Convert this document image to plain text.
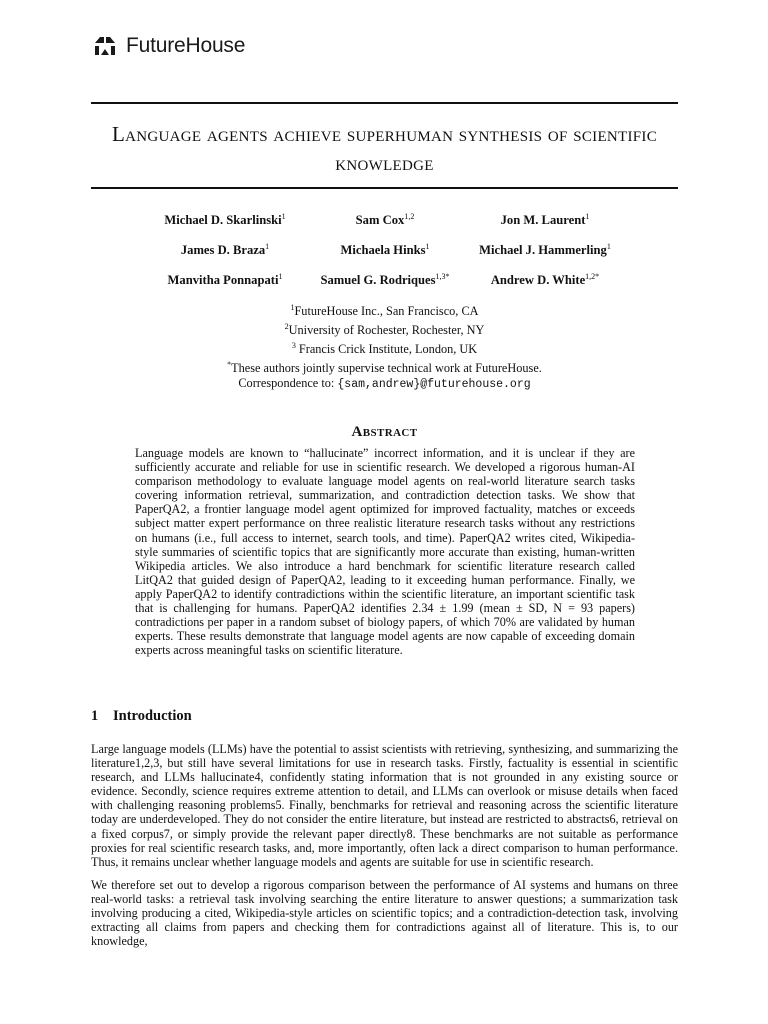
FutureHouse
Language agents achieve superhuman synthesis of scientific knowledge
Michael D. Skarlinski$^1$	Sam Cox$^{1,2}$	Jon M. Laurent$^1$
James D. Braza$^1$	Michaela Hinks$^1$	Michael J. Hammerling$^1$
Manvitha Ponnapati$^1$	Samuel G. Rodriques$^{1,3*}$	Andrew D. White$^{1,2*}$
$^1$FutureHouse Inc., San Francisco, CA
$^2$University of Rochester, Rochester, NY
$^3$ Francis Crick Institute, London, UK
*These authors jointly supervise technical work at FutureHouse.
Correspondence to: {sam,andrew}@futurehouse.org
Abstract
Language models are known to “hallucinate” incorrect information, and it is unclear if they are sufficiently accurate and reliable for use in scientific research. We developed a rigorous human-AI comparison methodology to evaluate language model agents on real-world literature search tasks covering information retrieval, summarization, and contradiction detection tasks. We show that PaperQA2, a frontier language model agent optimized for improved factuality, matches or exceeds subject matter expert performance on three realistic literature research tasks without any restrictions on humans (i.e., full access to internet, search tools, and time). PaperQA2 writes cited, Wikipedia-style summaries of scientific topics that are significantly more accurate than existing, human-written Wikipedia articles. We also introduce a hard benchmark for scientific literature research called LitQA2 that guided design of PaperQA2, leading to it exceeding human performance. Finally, we apply PaperQA2 to identify contradictions within the scientific literature, an important scientific task that is challenging for humans. PaperQA2 identifies 2.34 ± 1.99 (mean ± SD, N = 93 papers) contradictions per paper in a random subset of biology papers, of which 70% are validated by human experts. These results demonstrate that language model agents are now capable of exceeding domain experts across meaningful tasks on scientific literature.
1 Introduction
Large language models (LLMs) have the potential to assist scientists with retrieving, synthesizing, and summarizing the literature1,2,3, but still have several limitations for use in research tasks. Firstly, factuality is essential in scientific research, and LLMs hallucinate4, confidently stating information that is not grounded in any existing source or evidence. Secondly, science requires extreme attention to detail, and LLMs can overlook or misuse details when faced with challenging reasoning problems5. Finally, benchmarks for retrieval and reasoning across the scientific literature today are underdeveloped. They do not consider the entire literature, but instead are restricted to abstracts6, retrieval on a fixed corpus7, or simply provide the relevant paper directly8. These benchmarks are not suitable as performance proxies for real scientific research tasks, and, more importantly, often lack a direct comparison to human performance. Thus, it remains unclear whether language models and agents are suitable for use in scientific research.
We therefore set out to develop a rigorous comparison between the performance of AI systems and humans on three real-world tasks: a retrieval task involving searching the entire literature to answer questions; a summarization task involving producing a cited, Wikipedia-style articles on scientific topics; and a contradiction-detection task, involving extracting all claims from papers and checking them for contradictions against all of literature. This is, to our knowledge,
